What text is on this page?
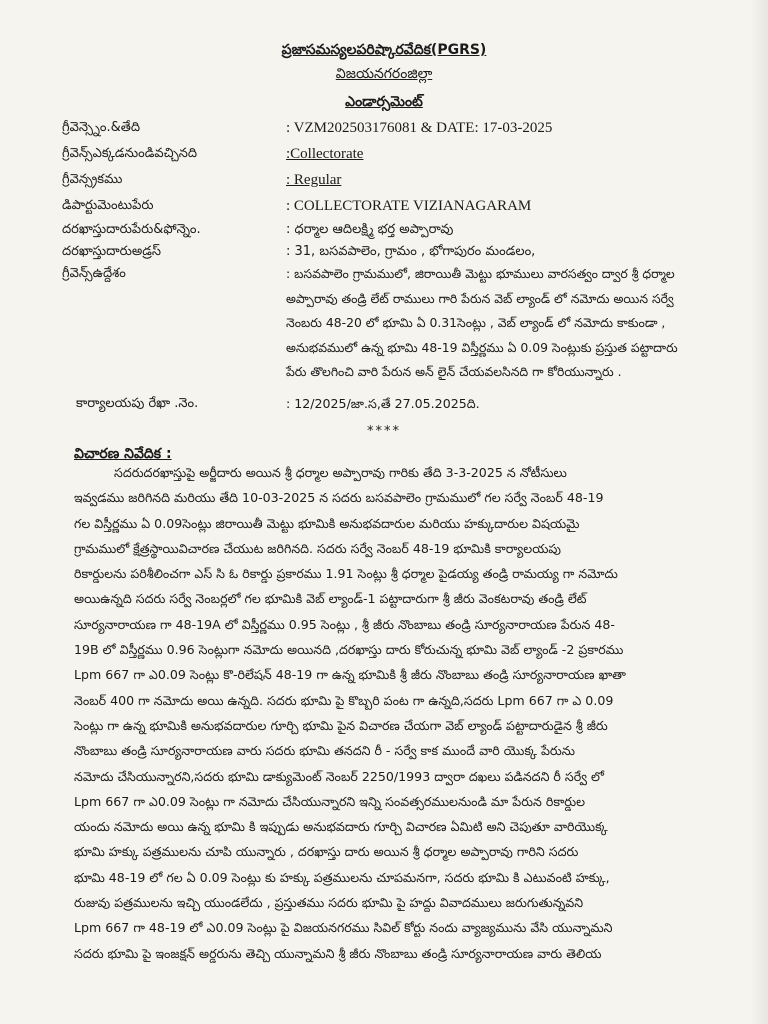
ప్రజాసమస్యలపరిష్కారవేదిక(PGRS)
విజయనగరంజిల్లా
ఎండార్సమెంట్
గ్రీవెన్స్నెం.&తేది	: VZM202503176081 & DATE: 17-03-2025
గ్రీవెన్స్ఎక్కడనుండివచ్చినది	:Collectorate
గ్రీవెన్స్రకము	: Regular
డిపార్టుమెంటుపేరు	: COLLECTORATE VIZIANAGARAM
దరఖాస్తుదారుపేరు&ఫోన్నెం.	: ధర్మాల ఆదిలక్ష్మి భర్త అప్పారావు
దరఖాస్తుదారుఅడ్రస్	: 31, బసవపాలెం, గ్రామం , భోగాపురం మండలం,
గ్రీవెన్స్ఉద్దేశం	: బసవపాలెం గ్రామములో, జిరాయితీ మెట్టు భూములు వారసత్వం ద్వార శ్రీ ధర్మాల

అప్పారావు తండ్రి లేట్ రాములు గారి పేరున వెబ్ ల్యాండ్ లో నమోదు అయిన సర్వే

నెంబరు 48-20 లో భూమి ఏ 0.31సెంట్లు , వెబ్ ల్యాండ్ లో నమోదు కాకుండా ,

అనుభవములో ఉన్న భూమి 48-19 విస్తీర్ణము ఏ 0.09 సెంట్లుకు ప్రస్తుత పట్టాదారు

పేరు తొలగించి వారి పేరున అన్ లైన్ చేయవలసినది గా కోరియున్నారు .

కార్యాలయపు రేఖా .నెం.	: 12/2025/జా.స,తే 27.05.2025ది.
****
విచారణ నివేదిక :

సదరుదరఖాస్తుపై అర్జీదారు అయిన శ్రీ ధర్మాల అప్పారావు గారికు తేది 3-3-2025 న నోటీసులు

ఇవ్వడము జరిగినది మరియు తేది 10-03-2025 న సదరు బసవపాలెం గ్రామములో గల సర్వే నెంబర్ 48-19

గల విస్తీర్ణము ఏ 0.09సెంట్లు జిరాయితీ మెట్టు భూమికి అనుభవదారుల మరియు హక్కుదారుల విషయమై

గ్రామములో క్షేత్రస్థాయివిచారణ చేయుట జరిగినది. సదరు సర్వే నెంబర్ 48-19 భూమికి కార్యాలయపు

రికార్డులను పరిశీలించగా ఎస్ సి ఓ రికార్డు ప్రకారము 1.91 సెంట్లు శ్రీ ధర్మాల పైడయ్య తండ్రి రామయ్య గా నమోదు

అయిఉన్నది సదరు సర్వే నెంబర్లలో గల భూమికి వెబ్ ల్యాండ్-1 పట్టాదారుగా శ్రీ జీరు వెంకటరావు తండ్రి లేట్

సూర్యనారాయణ గా 48-19A లో విస్తీర్ణము 0.95 సెంట్లు , శ్రీ జీరు నొంబాబు తండ్రి సూర్యనారాయణ పేరున 48-

19B లో విస్తీర్ణము 0.96 సెంట్లుగా నమోదు అయినది ,దరఖాస్తు దారు కోరుచున్న భూమి వెబ్ ల్యాండ్ -2 ప్రకారము

Lpm 667 గా ఎ0.09 సెంట్లు కొ-రిలేషన్ 48-19 గా ఉన్న భూమికి శ్రీ జీరు నొంబాబు తండ్రి సూర్యనారాయణ ఖాతా

నెంబర్ 400 గా నమోదు అయి ఉన్నది. సదరు భూమి పై కొబ్బరి పంట గా ఉన్నది,సదరు Lpm 667 గా ఎ 0.09

సెంట్లు గా ఉన్న భూమికి అనుభవదారుల గూర్చి భూమి పైన విచారణ చేయగా వెబ్ ల్యాండ్ పట్టాదారుడైన శ్రీ జీరు

నొంబాబు తండ్రి సూర్యనారాయణ వారు సదరు భూమి తనదని రీ - సర్వే కాక ముందే వారి యొక్క పేరును

నమోదు చేసియున్నారని,సదరు భూమి డాక్యుమెంట్ నెంబర్ 2250/1993 ద్వారా దఖలు పడినదని రీ సర్వే లో

Lpm 667 గా ఎ0.09 సెంట్లు గా నమోదు చేసియున్నారని ఇన్ని సంవత్సరములనుండి మా పేరున రికార్డుల

యందు నమోదు అయి ఉన్న భూమి కి ఇప్పుడు అనుభవదారు గూర్చి విచారణ ఏమిటి అని చెపుతూ వారియొక్క

భూమి హక్కు పత్రములను చూపి యున్నారు , దరఖాస్తు దారు అయిన శ్రీ ధర్మాల అప్పారావు గారిని సదరు

భూమి 48-19 లో గల ఏ 0.09 సెంట్లు కు హక్కు పత్రములను చూపమనగా, సదరు భూమి కి ఎటువంటి హక్కు,

రుజువు పత్రములను ఇచ్చి యుండలేదు , ప్రస్తుతము సదరు భూమి పై హద్దు వివాదములు జరుగుతున్నవని

Lpm 667 గా 48-19 లో ఎ0.09 సెంట్లు పై విజయనగరము సివిల్ కోర్టు నందు వ్యాజ్యమును వేసి యున్నామని

సదరు భూమి పై ఇంజక్షన్ అర్డరును తెచ్చి యున్నామని శ్రీ జీరు నొంబాబు తండ్రి సూర్యనారాయణ వారు తెలియ
